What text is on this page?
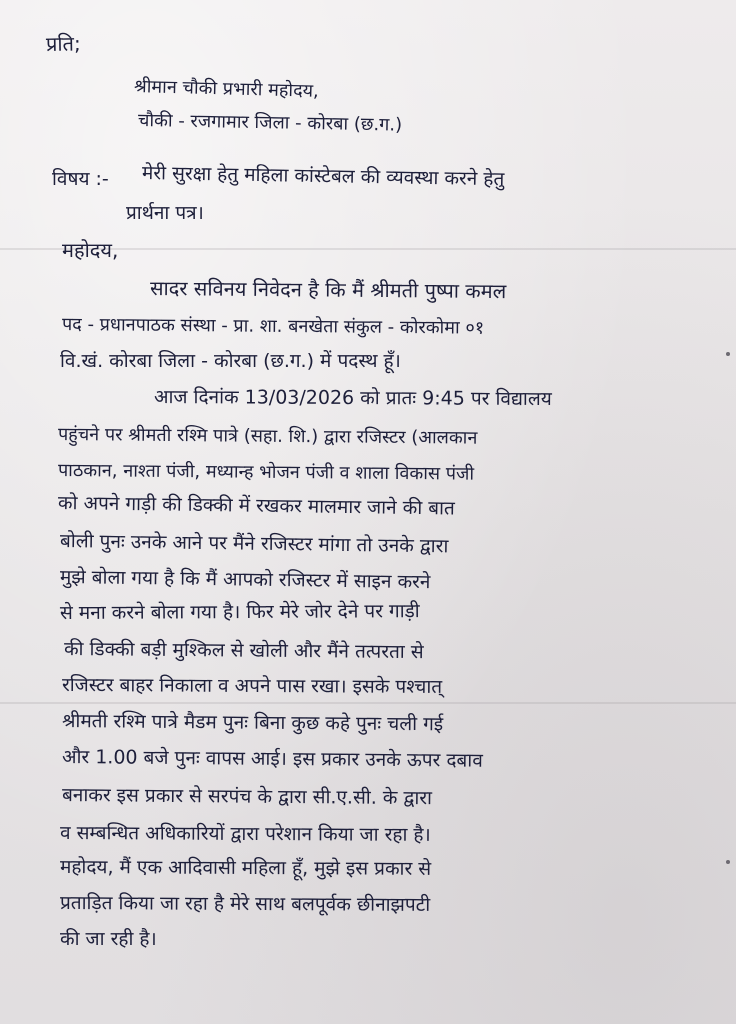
प्रति;
श्रीमान चौकी प्रभारी महोदय,
चौकी - रजगामार जिला - कोरबा (छ.ग.)
विषय :- मेरी सुरक्षा हेतु महिला कांस्टेबल की व्यवस्था करने हेतु
प्रार्थना पत्र।
महोदय,
सादर सविनय निवेदन है कि मैं श्रीमती पुष्पा कमल
पद - प्रधानपाठक संस्था - प्रा. शा. बनखेता संकुल - कोरकोमा ०१
वि.खं. कोरबा जिला - कोरबा (छ.ग.) में पदस्थ हूँ।
आज दिनांक 13/03/2026 को प्रातः 9:45 पर विद्यालय
पहुंचने पर श्रीमती रश्मि पात्रे (सहा. शि.) द्वारा रजिस्टर (आलकान
पाठकान, नाश्ता पंजी, मध्यान्ह भोजन पंजी व शाला विकास पंजी
को अपने गाड़ी की डिक्की में रखकर मालमार जाने की बात
बोली पुनः उनके आने पर मैंने रजिस्टर मांगा तो उनके द्वारा
मुझे बोला गया है कि मैं आपको रजिस्टर में साइन करने
से मना करने बोला गया है। फिर मेरे जोर देने पर गाड़ी
की डिक्की बड़ी मुश्किल से खोली और मैंने तत्परता से
रजिस्टर बाहर निकाला व अपने पास रखा। इसके पश्चात्
श्रीमती रश्मि पात्रे मैडम पुनः बिना कुछ कहे पुनः चली गई
और 1.00 बजे पुनः वापस आई। इस प्रकार उनके ऊपर दबाव
बनाकर इस प्रकार से सरपंच के द्वारा सी.ए.सी. के द्वारा
व सम्बन्धित अधिकारियों द्वारा परेशान किया जा रहा है।
महोदय, मैं एक आदिवासी महिला हूँ, मुझे इस प्रकार से
प्रताड़ित किया जा रहा है मेरे साथ बलपूर्वक छीनाझपटी
की जा रही है।
